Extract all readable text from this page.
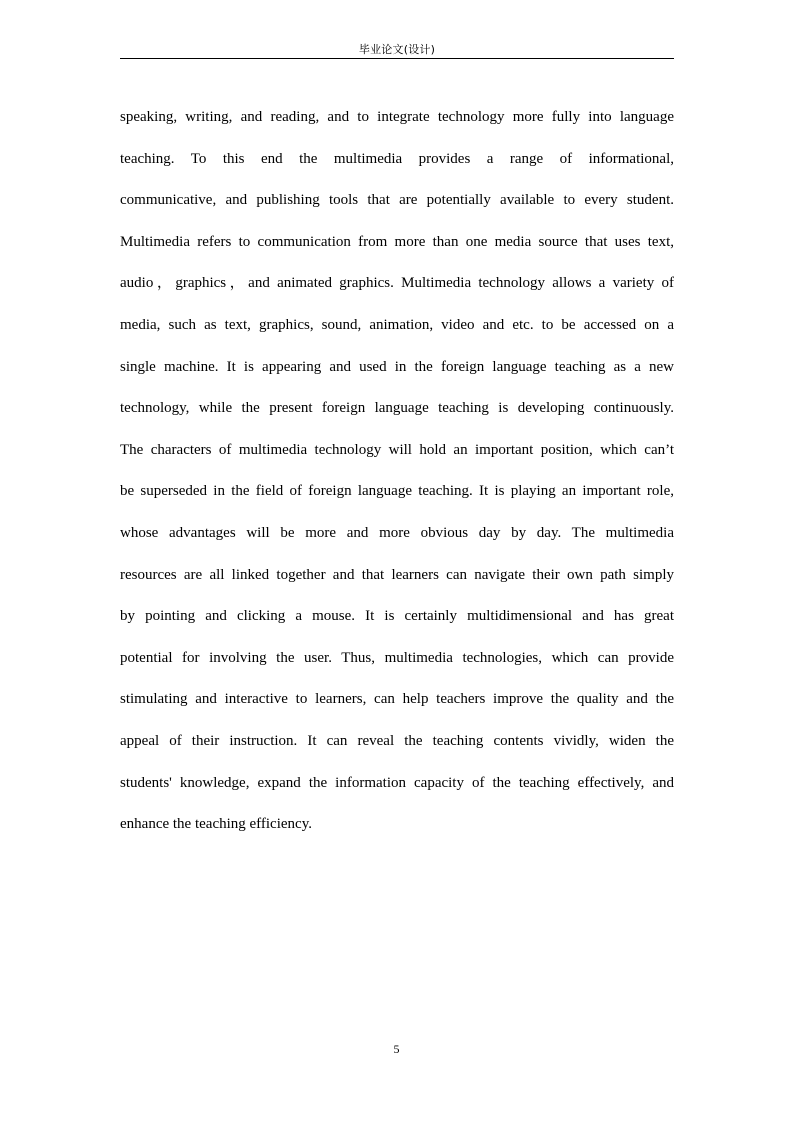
毕业论文(设计)
speaking, writing, and reading, and to integrate technology more fully into language
teaching. To this end the multimedia provides a range of informational,
communicative, and publishing tools that are potentially available to every student.
Multimedia refers to communication from more than one media source that uses text,
audio，graphics，and animated graphics. Multimedia technology allows a variety of
media, such as text, graphics, sound, animation, video and etc. to be accessed on a
single machine. It is appearing and used in the foreign language teaching as a new
technology, while the present foreign language teaching is developing continuously.
The characters of multimedia technology will hold an important position, which can’t
be superseded in the field of foreign language teaching. It is playing an important role,
whose advantages will be more and more obvious day by day. The multimedia
resources are all linked together and that learners can navigate their own path simply
by pointing and clicking a mouse. It is certainly multidimensional and has great
potential for involving the user. Thus, multimedia technologies, which can provide
stimulating and interactive to learners, can help teachers improve the quality and the
appeal of their instruction. It can reveal the teaching contents vividly, widen the
students' knowledge, expand the information capacity of the teaching effectively, and
enhance the teaching efficiency.
5
